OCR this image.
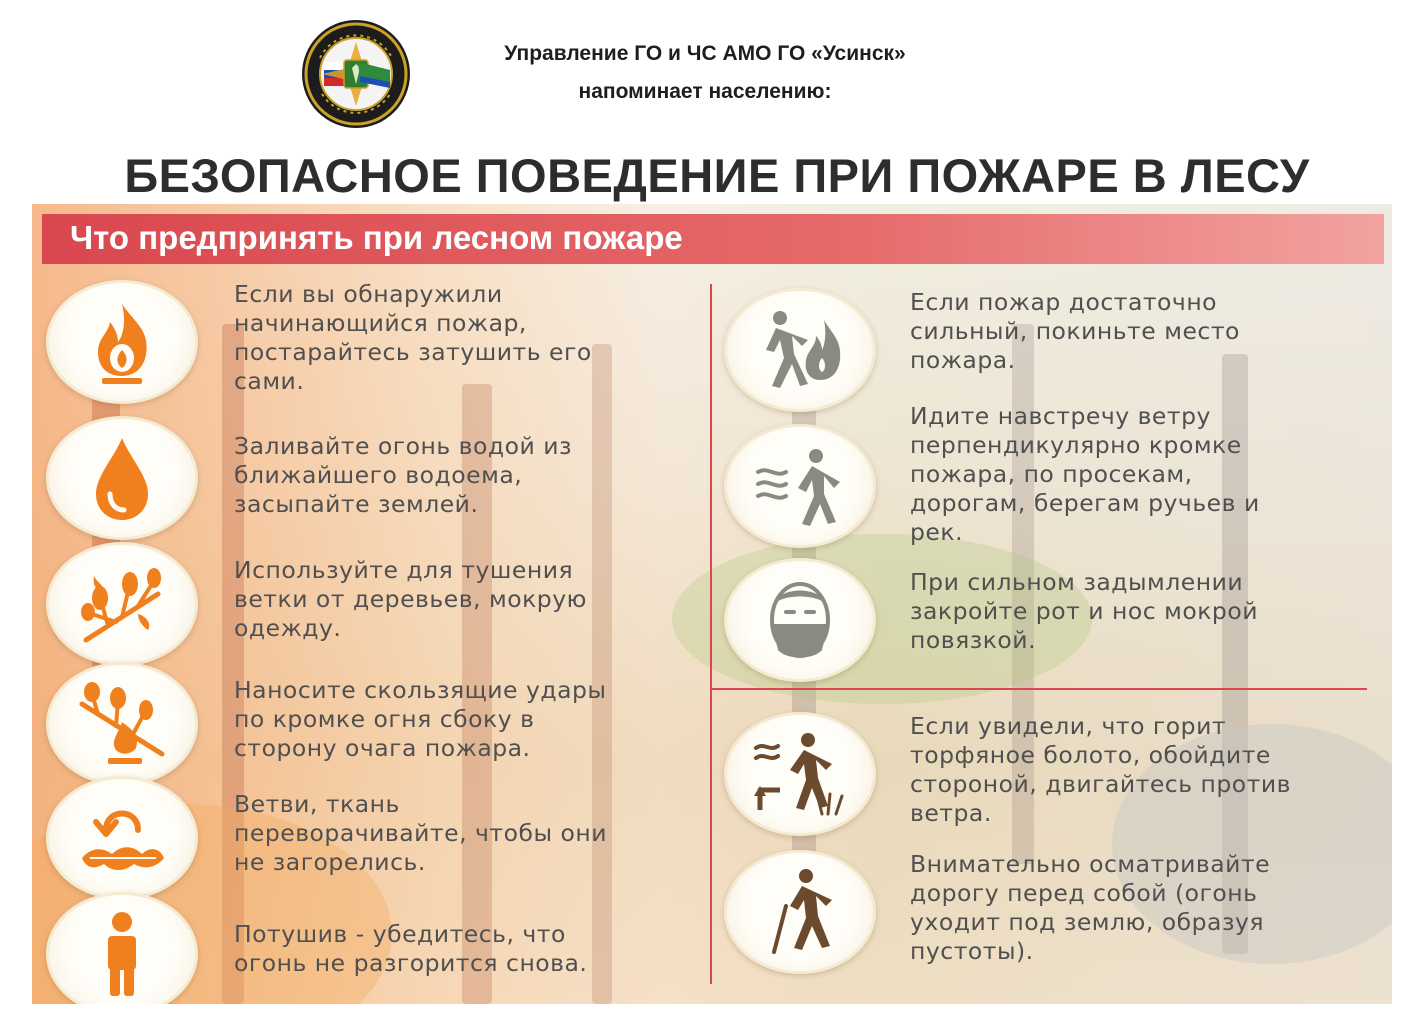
Управление ГО и ЧС АМО ГО «Усинск»
напоминает населению:
БЕЗОПАСНОЕ ПОВЕДЕНИЕ ПРИ ПОЖАРЕ В ЛЕСУ
Что предпринять при лесном пожаре
Если вы обнаружили
начинающийся пожар,
постарайтесь затушить его
сами.
Заливайте огонь водой из
ближайшего водоема,
засыпайте землей.
Используйте для тушения
ветки от деревьев, мокрую
одежду.
Наносите скользящие удары
по кромке огня сбоку в
сторону очага пожара.
Ветви, ткань
переворачивайте, чтобы они
не загорелись.
Потушив - убедитесь, что
огонь не разгорится снова.
Если пожар достаточно
сильный, покиньте место
пожара.
Идите навстречу ветру
перпендикулярно кромке
пожара, по просекам,
дорогам, берегам ручьев и
рек.
При сильном задымлении
закройте рот и нос мокрой
повязкой.
Если увидели, что горит
торфяное болото, обойдите
стороной, двигайтесь против
ветра.
Внимательно осматривайте
дорогу перед собой (огонь
уходит под землю, образуя
пустоты).
